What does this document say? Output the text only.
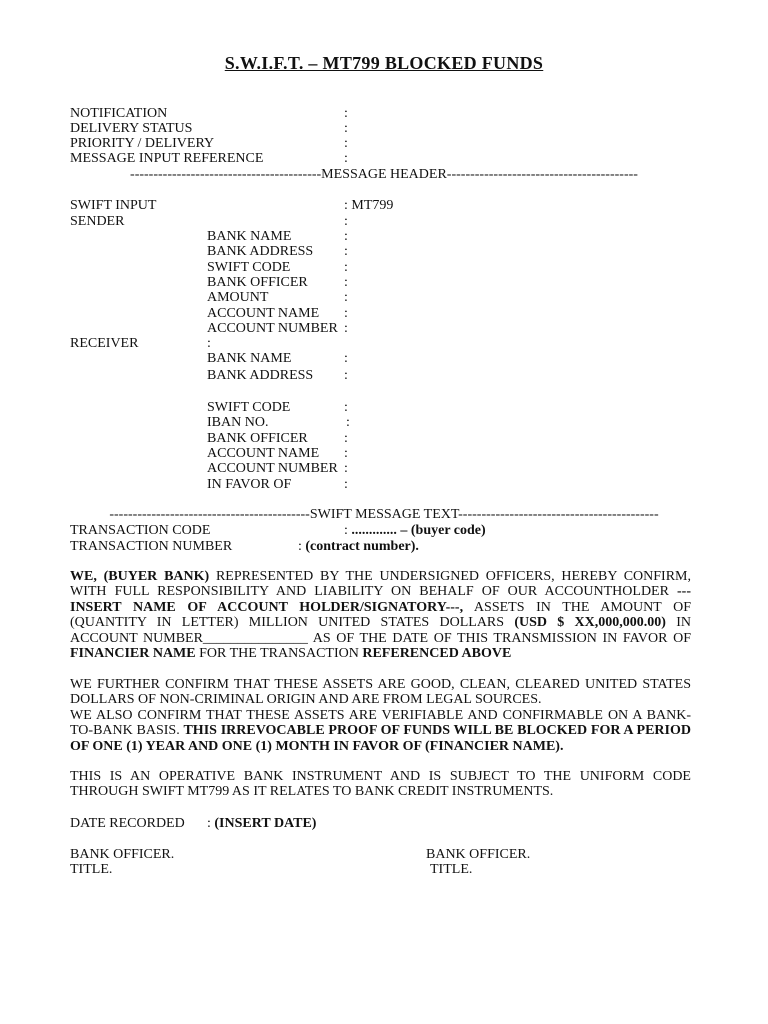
S.W.I.F.T. – MT799 BLOCKED FUNDS
NOTIFICATION	:
DELIVERY STATUS	:
PRIORITY / DELIVERY	:
MESSAGE INPUT REFERENCE	:
-----------------------------------------MESSAGE HEADER-----------------------------------------
SWIFT INPUT	: MT799
SENDER	:
BANK NAME	:
BANK ADDRESS :
SWIFT CODE	:
BANK OFFICER	:
AMOUNT	:
ACCOUNT NAME :
ACCOUNT NUMBER :
RECEIVER	:
BANK NAME	:
BANK ADDRESS :
SWIFT CODE	:
IBAN NO.	:
BANK OFFICER	:
ACCOUNT NAME :
ACCOUNT NUMBER :
IN FAVOR OF	:
-------------------------------------------SWIFT MESSAGE TEXT-------------------------------------------
TRANSACTION CODE	: ............. – (buyer code)
TRANSACTION NUMBER	: (contract number).
WE, (BUYER BANK) REPRESENTED BY THE UNDERSIGNED OFFICERS, HEREBY CONFIRM, WITH FULL RESPONSIBILITY AND LIABILITY ON BEHALF OF OUR ACCOUNTHOLDER ---INSERT NAME OF ACCOUNT HOLDER/SIGNATORY---, ASSETS IN THE AMOUNT OF (QUANTITY IN LETTER) MILLION UNITED STATES DOLLARS (USD $ XX,000,000.00) IN ACCOUNT NUMBER_______________ AS OF THE DATE OF THIS TRANSMISSION IN FAVOR OF FINANCIER NAME FOR THE TRANSACTION REFERENCED ABOVE
WE FURTHER CONFIRM THAT THESE ASSETS ARE GOOD, CLEAN, CLEARED UNITED STATES DOLLARS OF NON-CRIMINAL ORIGIN AND ARE FROM LEGAL SOURCES.
WE ALSO CONFIRM THAT THESE ASSETS ARE VERIFIABLE AND CONFIRMABLE ON A BANK-TO-BANK BASIS. THIS IRREVOCABLE PROOF OF FUNDS WILL BE BLOCKED FOR A PERIOD OF ONE (1) YEAR AND ONE (1) MONTH IN FAVOR OF (FINANCIER NAME).
THIS IS AN OPERATIVE BANK INSTRUMENT AND IS SUBJECT TO THE UNIFORM CODE THROUGH SWIFT MT799 AS IT RELATES TO BANK CREDIT INSTRUMENTS.
DATE RECORDED : (INSERT DATE)
BANK OFFICER.
TITLE.
BANK OFFICER.
TITLE.
